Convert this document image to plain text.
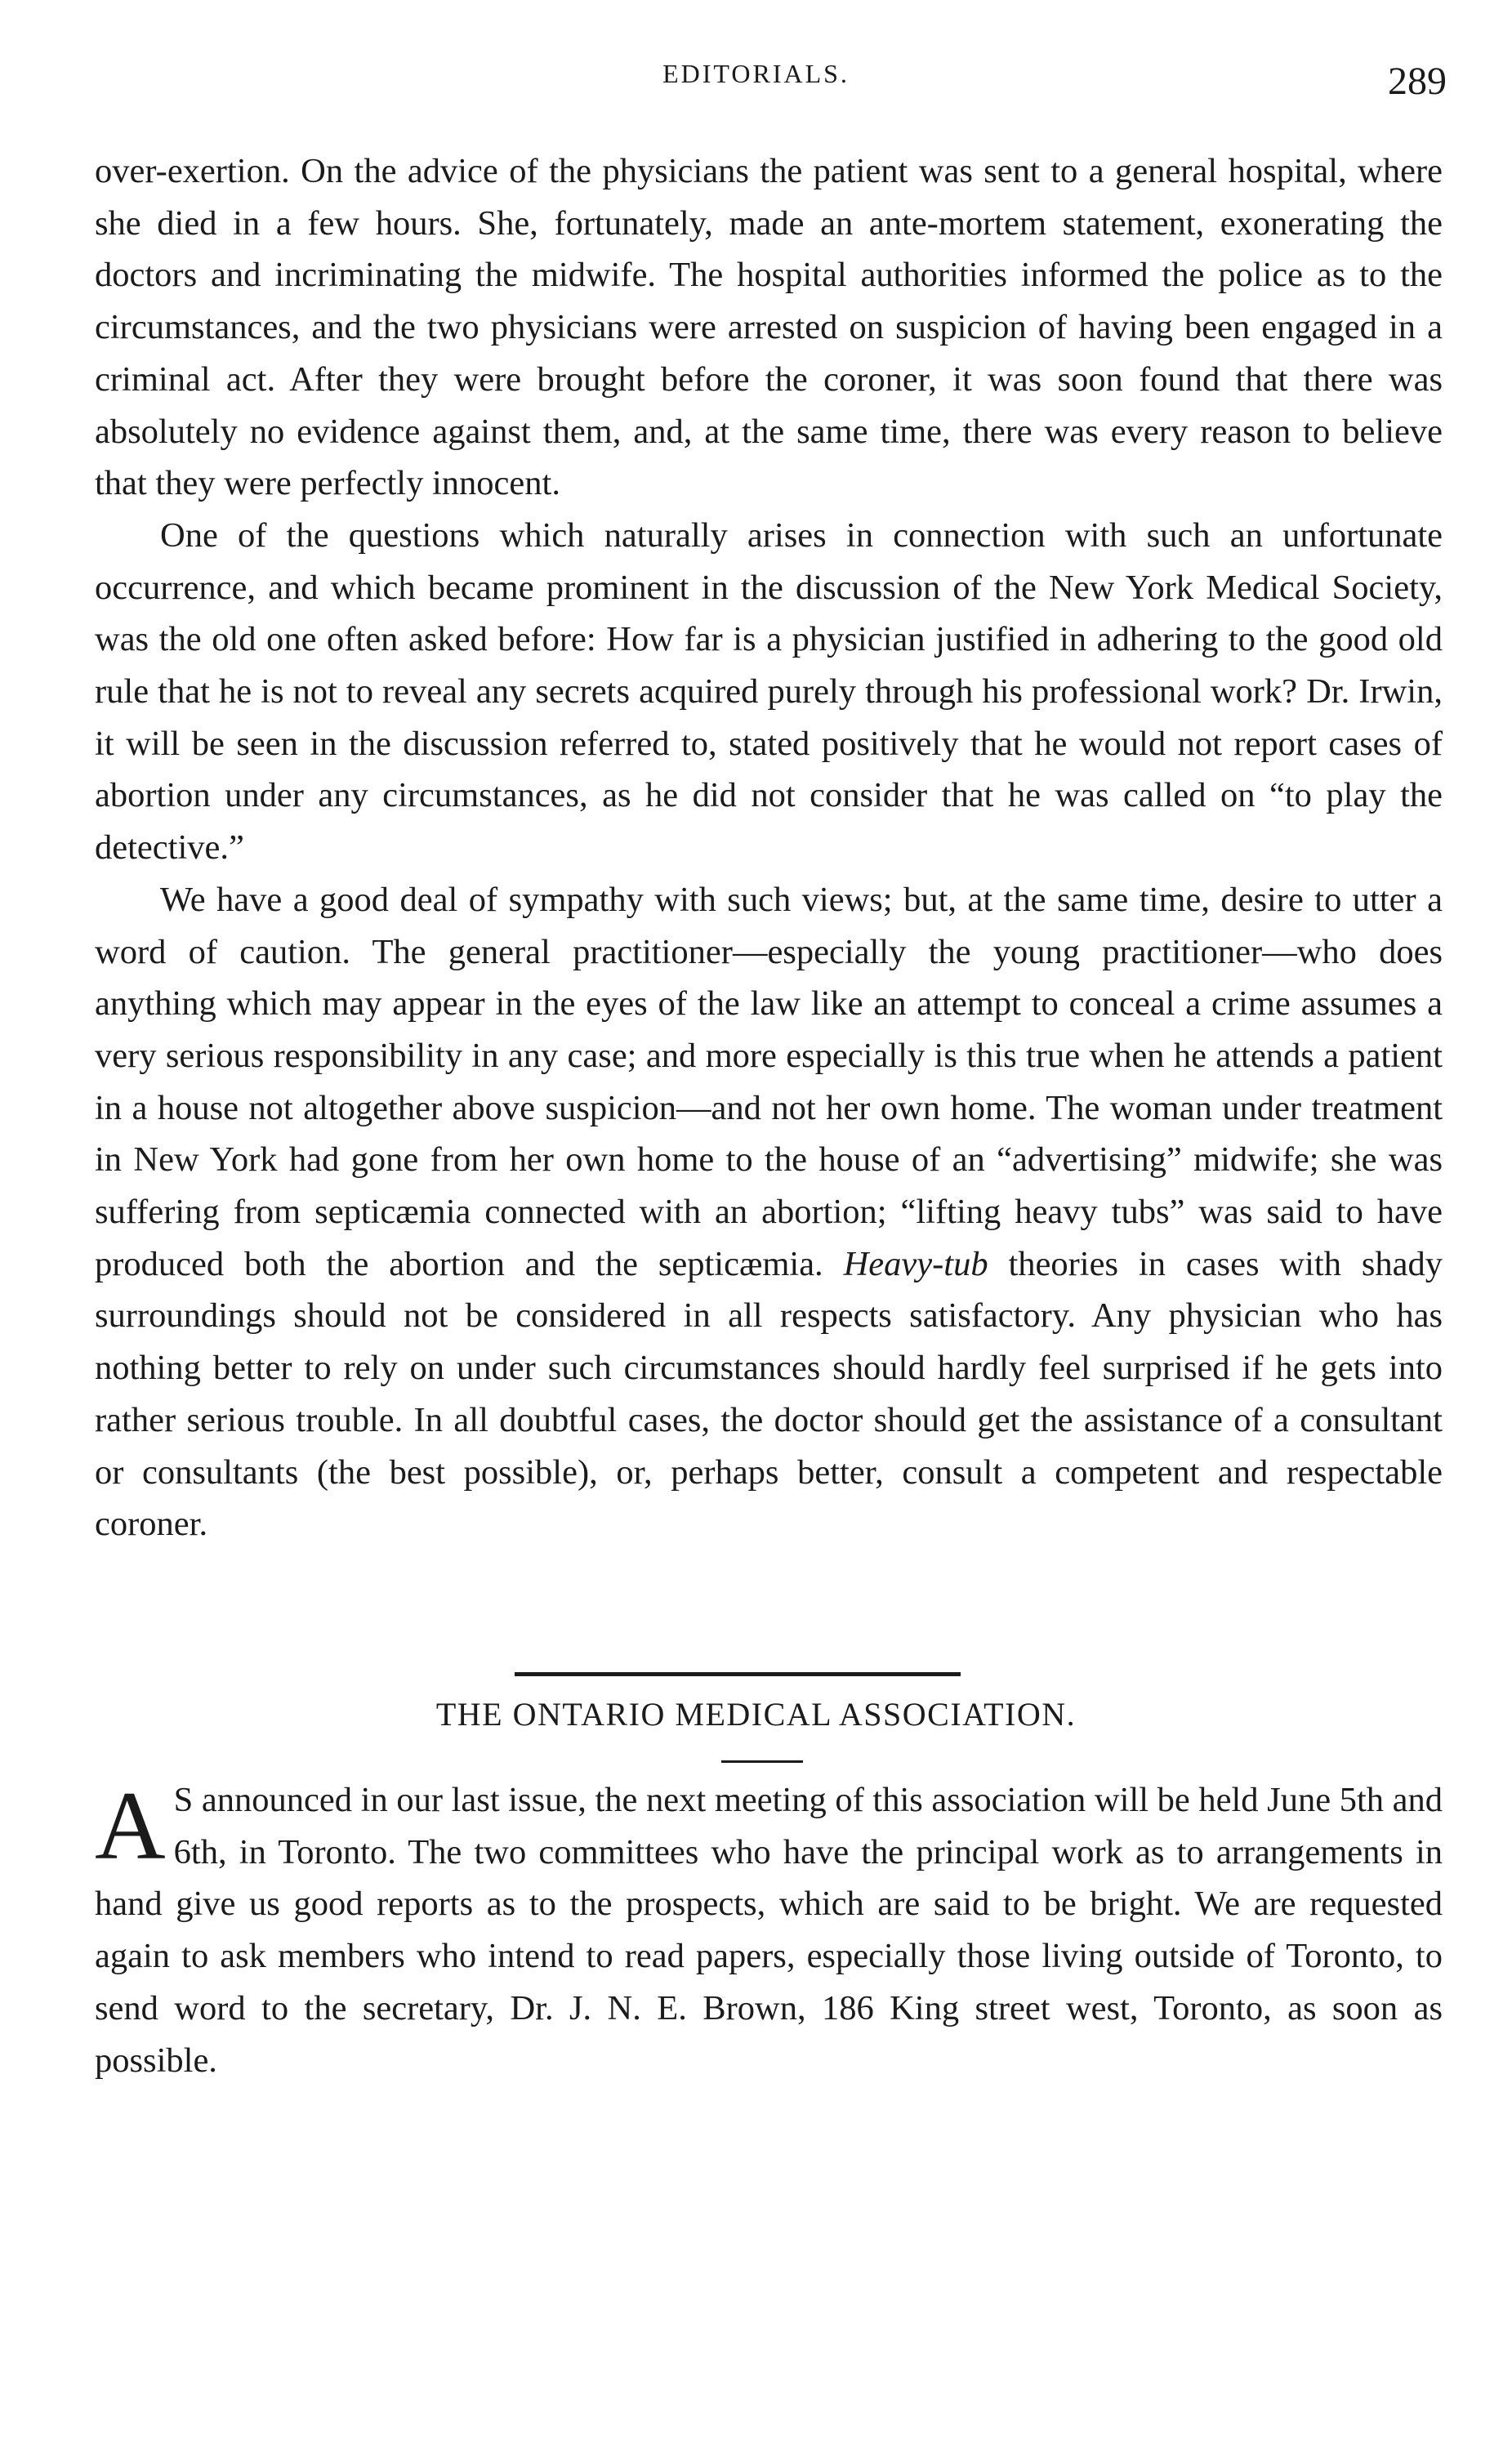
EDITORIALS.	289

over-exertion. On the advice of the physicians the patient was sent to a general hospital, where she died in a few hours. She, fortunately, made an ante-mortem statement, exonerating the doctors and incriminating the midwife. The hospital authorities informed the police as to the circumstances, and the two physicians were arrested on suspicion of having been engaged in a criminal act. After they were brought before the coroner, it was soon found that there was absolutely no evidence against them, and, at the same time, there was every reason to believe that they were perfectly innocent.

One of the questions which naturally arises in connection with such an unfortunate occurrence, and which became prominent in the discussion of the New York Medical Society, was the old one often asked before: How far is a physician justified in adhering to the good old rule that he is not to reveal any secrets acquired purely through his professional work? Dr. Irwin, it will be seen in the discussion referred to, stated positively that he would not report cases of abortion under any circumstances, as he did not consider that he was called on “to play the detective.”

We have a good deal of sympathy with such views; but, at the same time, desire to utter a word of caution. The general practitioner—especially the young practitioner—who does anything which may appear in the eyes of the law like an attempt to conceal a crime assumes a very serious responsibility in any case; and more especially is this true when he attends a patient in a house not altogether above suspicion—and not her own home. The woman under treatment in New York had gone from her own home to the house of an “advertising” midwife; she was suffering from septicæmia connected with an abortion; “lifting heavy tubs” was said to have produced both the abortion and the septicæmia. Heavy-tub theories in cases with shady surroundings should not be considered in all respects satisfactory. Any physician who has nothing better to rely on under such circumstances should hardly feel surprised if he gets into rather serious trouble. In all doubtful cases, the doctor should get the assistance of a consultant or consultants (the best possible), or, perhaps better, consult a competent and respectable coroner.

THE ONTARIO MEDICAL ASSOCIATION.

A S announced in our last issue, the next meeting of this association will be held June 5th and 6th, in Toronto. The two committees who have the principal work as to arrangements in hand give us good reports as to the prospects, which are said to be bright. We are requested again to ask members who intend to read papers, especially those living outside of Toronto, to send word to the secretary, Dr. J. N. E. Brown, 186 King street west, Toronto, as soon as possible.
